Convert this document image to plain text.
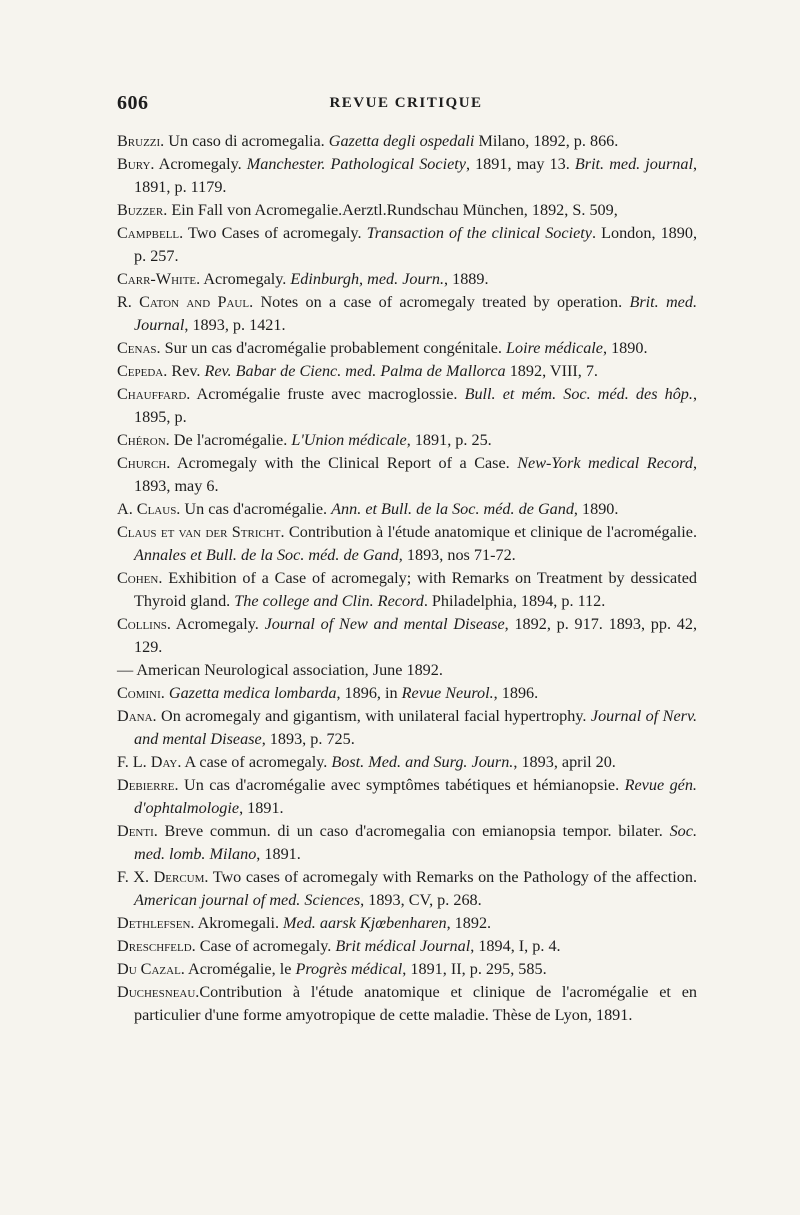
606	REVUE CRITIQUE
Bruzzi. Un caso di acromegalia. Gazetta degli ospedali Milano, 1892, p. 866.
Bury. Acromegaly. Manchester. Pathological Society, 1891, may 13. Brit. med. journal, 1891, p. 1179.
Buzzer. Ein Fall von Acromegalie.Aerztl.Rundschau München, 1892, S. 509,
Campbell. Two Cases of acromegaly. Transaction of the clinical Society. London, 1890, p. 257.
Carr-White. Acromegaly. Edinburgh, med. Journ., 1889.
R. Caton and Paul. Notes on a case of acromegaly treated by operation. Brit. med. Journal, 1893, p. 1421.
Cenas. Sur un cas d'acromégalie probablement congénitale. Loire médicale, 1890.
Cepeda. Rev. Rev. Babar de Cienc. med. Palma de Mallorca 1892, VIII, 7.
Chauffard. Acromégalie fruste avec macroglossie. Bull. et mém. Soc. méd. des hôp., 1895, p.
Chéron. De l'acromégalie. L'Union médicale, 1891, p. 25.
Church. Acromegaly with the Clinical Report of a Case. New-York medical Record, 1893, may 6.
A. Claus. Un cas d'acromégalie. Ann. et Bull. de la Soc. méd. de Gand, 1890.
Claus et van der Stricht. Contribution à l'étude anatomique et clinique de l'acromégalie. Annales et Bull. de la Soc. méd. de Gand, 1893, nos 71-72.
Cohen. Exhibition of a Case of acromegaly; with Remarks on Treatment by dessicated Thyroid gland. The college and Clin. Record. Philadelphia, 1894, p. 112.
Collins. Acromegaly. Journal of New and mental Disease, 1892, p. 917. 1893, pp. 42, 129.
— American Neurological association, June 1892.
Comini. Gazetta medica lombarda, 1896, in Revue Neurol., 1896.
Dana. On acromegaly and gigantism, with unilateral facial hypertrophy. Journal of Nerv. and mental Disease, 1893, p. 725.
F. L. Day. A case of acromegaly. Bost. Med. and Surg. Journ., 1893, april 20.
Debierre. Un cas d'acromégalie avec symptômes tabétiques et hémianopsie. Revue gén. d'ophtalmologie, 1891.
Denti. Breve commun. di un caso d'acromegalia con emianopsia tempor. bilater. Soc. med. lomb. Milano, 1891.
F. X. Dercum. Two cases of acromegaly with Remarks on the Pathology of the affection. American journal of med. Sciences, 1893, CV, p. 268.
Dethlefsen. Akromegali. Med. aarsk Kjœbenharen, 1892.
Dreschfeld. Case of acromegaly. Brit médical Journal, 1894, I, p. 4.
Du Cazal. Acromégalie, le Progrès médical, 1891, II, p. 295, 585.
Duchesneau.Contribution à l'étude anatomique et clinique de l'acromégalie et en particulier d'une forme amyotropique de cette maladie. Thèse de Lyon, 1891.
